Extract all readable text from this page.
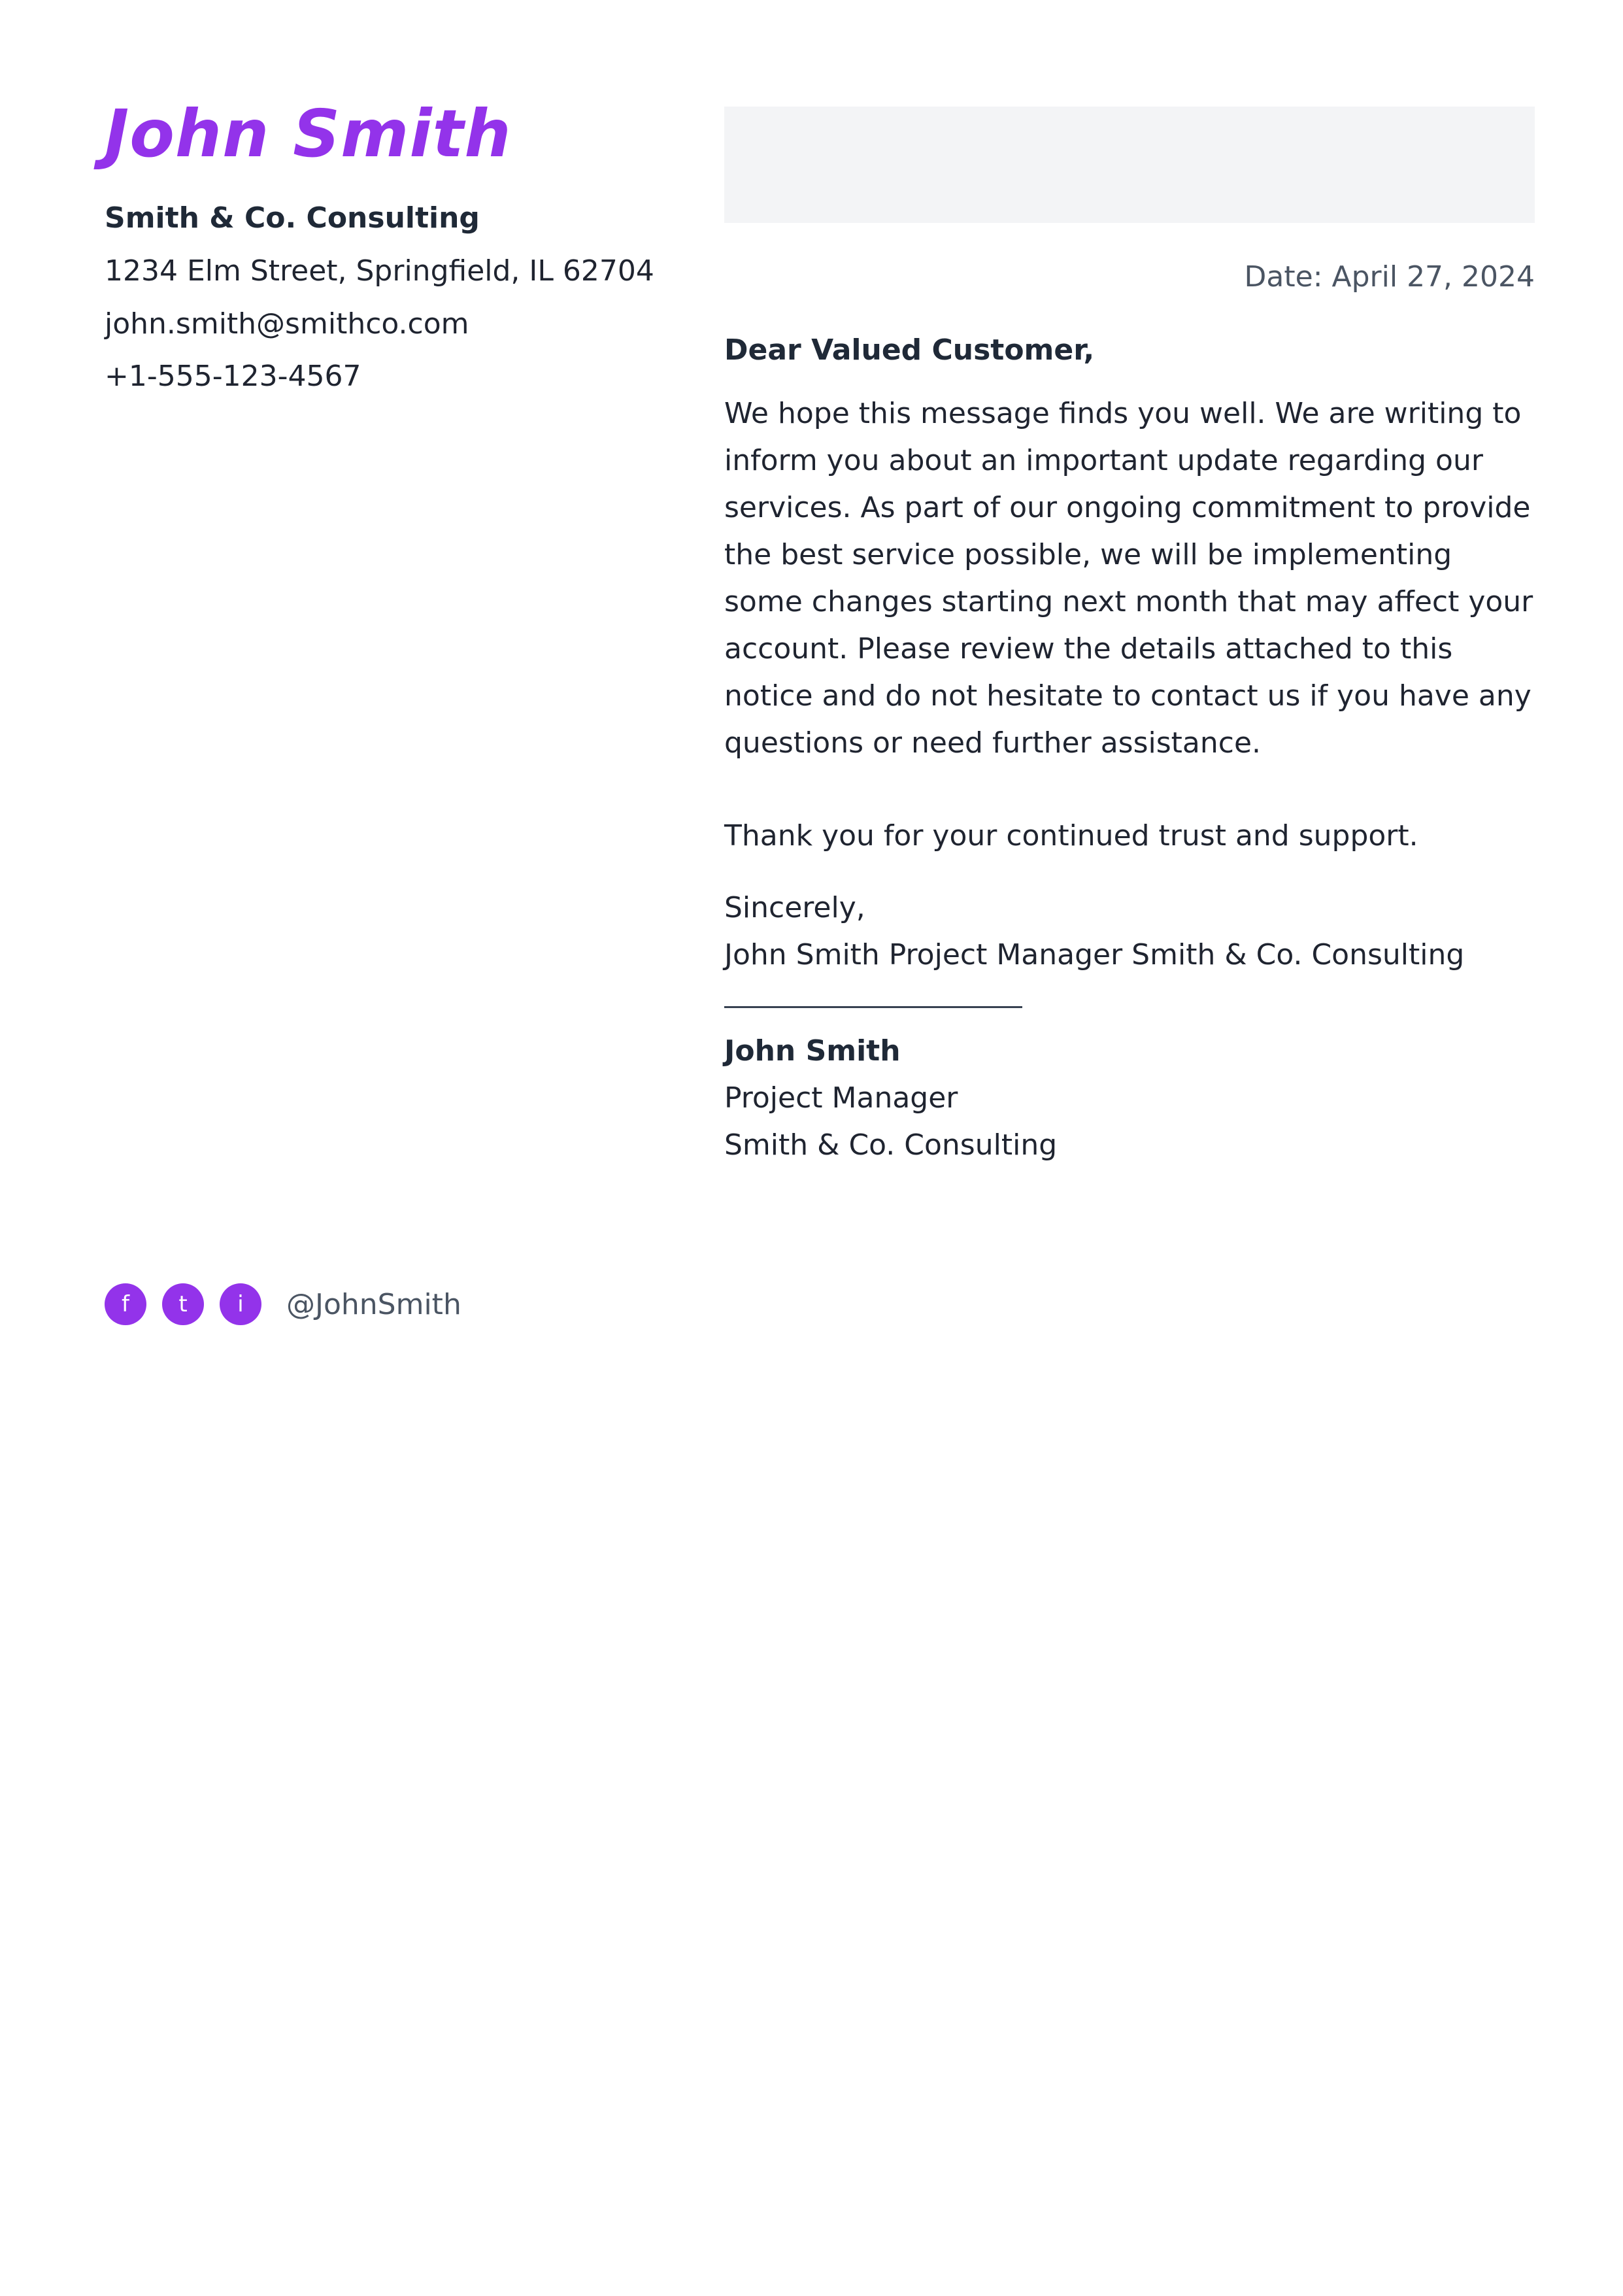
John Smith
Smith & Co. Consulting
1234 Elm Street, Springfield, IL 62704
john.smith@smithco.com
+1-555-123-4567
f	t	i	@JohnSmith
Date: April 27, 2024
Dear Valued Customer,

We hope this message finds you well. We are writing to inform you about an important update regarding our services. As part of our ongoing commitment to provide the best service possible, we will be implementing some changes starting next month that may affect your account. Please review the details attached to this notice and do not hesitate to contact us if you have any questions or need further assistance.

Thank you for your continued trust and support.
Sincerely,
John Smith Project Manager Smith & Co. Consulting
John Smith
Project Manager
Smith & Co. Consulting
